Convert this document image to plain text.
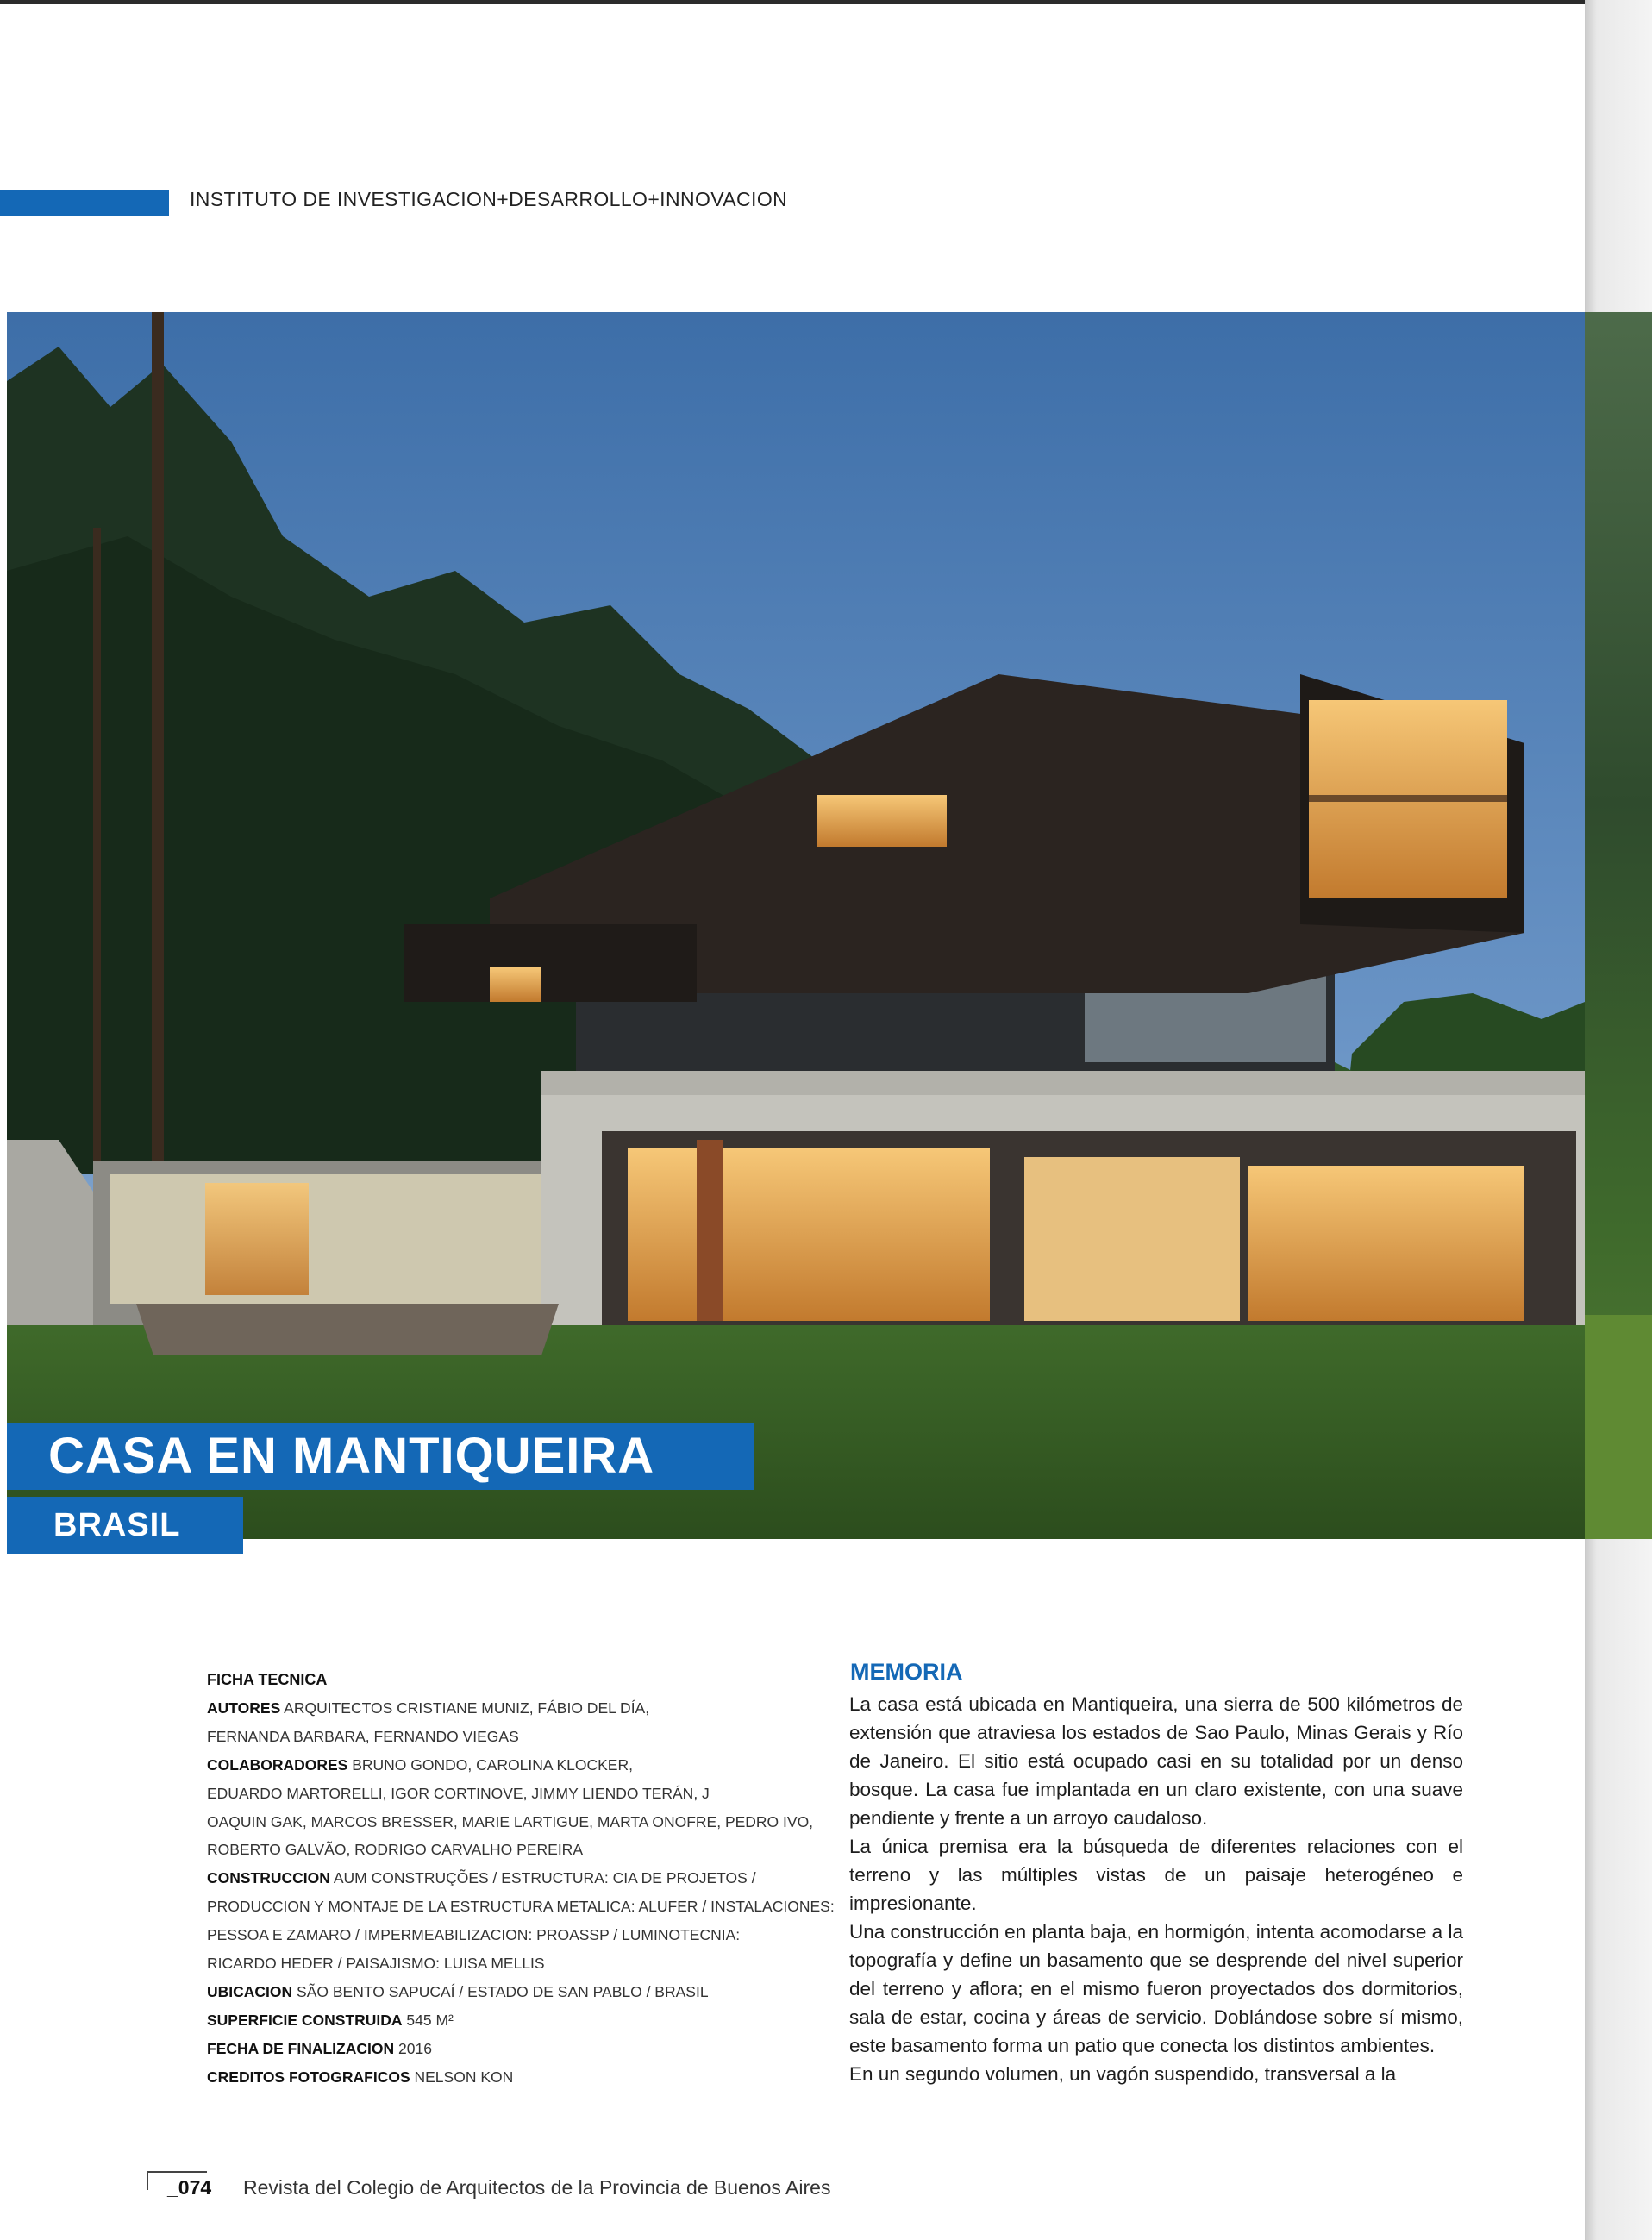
INSTITUTO DE INVESTIGACION+DESARROLLO+INNOVACION
CASA EN MANTIQUEIRA
BRASIL
FICHA TECNICA
AUTORES ARQUITECTOS CRISTIANE MUNIZ, FÁBIO DEL DÍA,
FERNANDA BARBARA, FERNANDO VIEGAS
COLABORADORES BRUNO GONDO, CAROLINA KLOCKER,
EDUARDO MARTORELLI, IGOR CORTINOVE, JIMMY LIENDO TERÁN, J
OAQUIN GAK, MARCOS BRESSER, MARIE LARTIGUE, MARTA ONOFRE, PEDRO IVO,
ROBERTO GALVÃO, RODRIGO CARVALHO PEREIRA
CONSTRUCCION AUM CONSTRUÇÕES / ESTRUCTURA: CIA DE PROJETOS /
PRODUCCION Y MONTAJE DE LA ESTRUCTURA METALICA: ALUFER / INSTALACIONES:
PESSOA E ZAMARO / IMPERMEABILIZACION: PROASSP / LUMINOTECNIA:
RICARDO HEDER / PAISAJISMO: LUISA MELLIS
UBICACION SÃO BENTO SAPUCAÍ / ESTADO DE SAN PABLO / BRASIL
SUPERFICIE CONSTRUIDA 545 M²
FECHA DE FINALIZACION 2016
CREDITOS FOTOGRAFICOS NELSON KON
MEMORIA

La casa está ubicada en Mantiqueira, una sierra de 500 kilómetros de extensión que atraviesa los estados de Sao Paulo, Minas Gerais y Río de Janeiro. El sitio está ocupado casi en su totalidad por un denso bosque. La casa fue implantada en un claro existente, con una suave pendiente y frente a un arroyo caudaloso.

La única premisa era la búsqueda de diferentes relaciones con el terreno y las múltiples vistas de un paisaje heterogéneo e impresionante.

Una construcción en planta baja, en hormigón, intenta acomodarse a la topografía y define un basamento que se desprende del nivel superior del terreno y aflora; en el mismo fueron proyectados dos dormitorios, sala de estar, cocina y áreas de servicio. Doblándose sobre sí mismo, este basamento forma un patio que conecta los distintos ambientes.

En un segundo volumen, un vagón suspendido, transversal a la

_074 Revista del Colegio de Arquitectos de la Provincia de Buenos Aires
